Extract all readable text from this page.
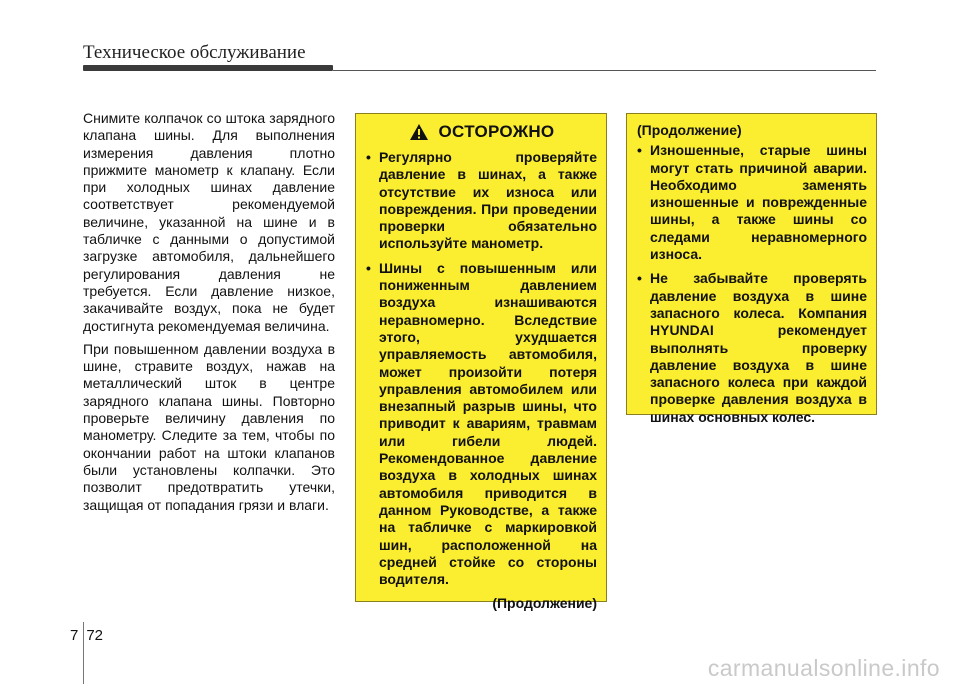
Техническое обслуживание

Снимите колпачок со штока зарядного клапана шины. Для выполнения измерения давления плотно прижмите манометр к клапану. Если при холодных шинах давление соответствует рекомендуемой величине, указанной на шине и в табличке с данными о допустимой загрузке автомобиля, дальнейшего регулирования давления не требуется. Если давление низкое, закачивайте воздух, пока не будет достигнута рекомендуемая величина.

При повышенном давлении воздуха в шине, стравите воздух, нажав на металлический шток в центре зарядного клапана шины. Повторно проверьте величину давления по манометру. Следите за тем, чтобы по окончании работ на штоки клапанов были установлены колпачки. Это позволит предотвратить утечки, защищая от попадания грязи и влаги.

ОСТОРОЖНО
• Регулярно проверяйте давление в шинах, а также отсутствие их износа или повреждения. При проведении проверки обязательно используйте манометр.
• Шины с повышенным или пониженным давлением воздуха изнашиваются неравномерно. Вследствие этого, ухудшается управляемость автомобиля, может произойти потеря управления автомобилем или внезапный разрыв шины, что приводит к авариям, травмам или гибели людей. Рекомендованное давление воздуха в холодных шинах автомобиля приводится в данном Руководстве, а также на табличке с маркировкой шин, расположенной на средней стойке со стороны водителя.
(Продолжение)
(Продолжение)
• Изношенные, старые шины могут стать причиной аварии. Необходимо заменять изношенные и поврежденные шины, а также шины со следами неравномерного износа.
• Не забывайте проверять давление воздуха в шине запасного колеса. Компания HYUNDAI рекомендует выполнять проверку давление воздуха в шине запасного колеса при каждой проверке давления воздуха в шинах основных колес.
7 72
carmanualsonline.info
